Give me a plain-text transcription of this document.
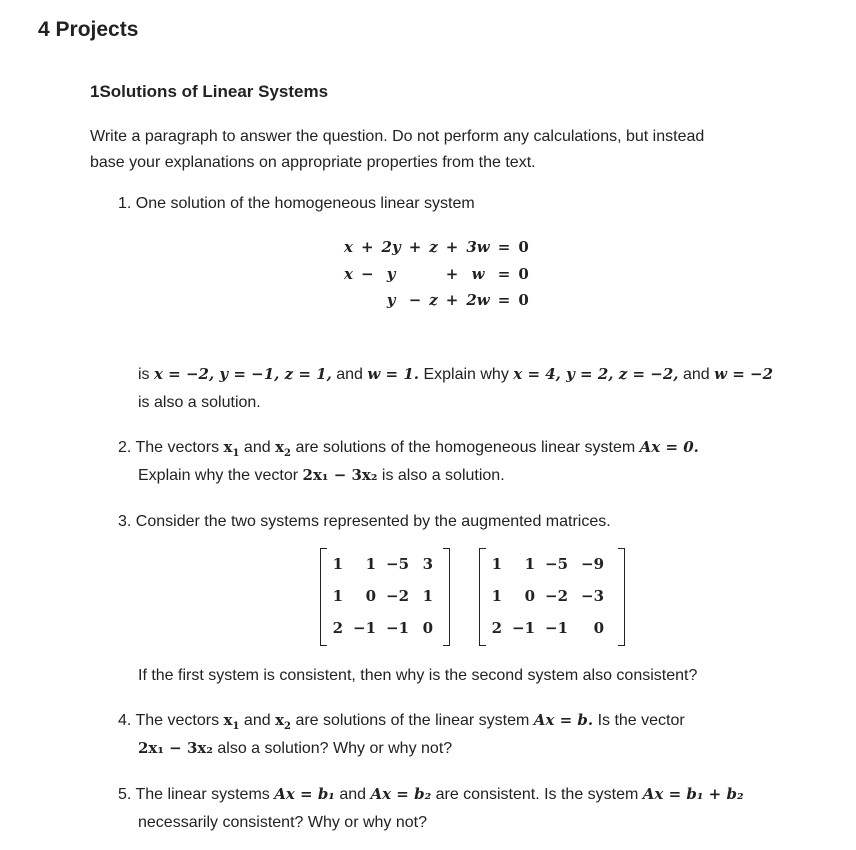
4 Projects
1Solutions of Linear Systems
Write a paragraph to answer the question. Do not perform any calculations, but instead
base your explanations on appropriate properties from the text.
1. One solution of the homogeneous linear system
x	+	2y	+	z	+	3w	=	0
x	−	y			+	w	=	0
		y	−	z	+	2w	=	0
is x = −2, y = −1, z = 1, and w = 1. Explain why x = 4, y = 2, z = −2, and w = −2
is also a solution.
2. The vectors $x_1$ and $x_2$ are solutions of the homogeneous linear system Ax = 0.
Explain why the vector 2x₁ − 3x₂ is also a solution.
3. Consider the two systems represented by the augmented matrices.
1	1	−5	3
1	0	−2	1
2	−1	−1	0
1	1	−5	−9
1	0	−2	−3
2	−1	−1	0
If the first system is consistent, then why is the second system also consistent?
4. The vectors $x_1$ and $x_2$ are solutions of the linear system Ax = b. Is the vector
2x₁ − 3x₂ also a solution? Why or why not?
5. The linear systems Ax = b₁ and Ax = b₂ are consistent. Is the system Ax = b₁ + b₂
necessarily consistent? Why or why not?
